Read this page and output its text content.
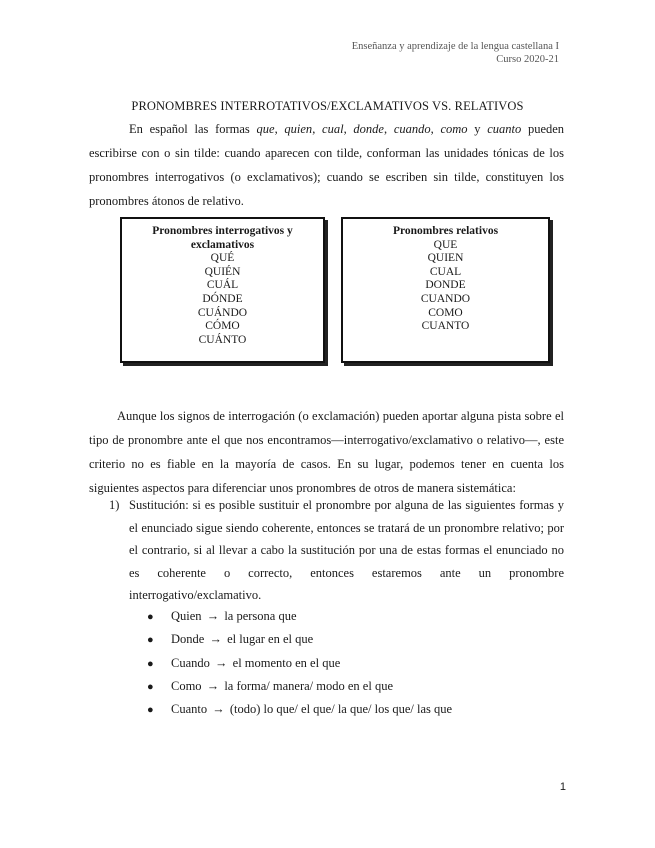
Enseñanza y aprendizaje de la lengua castellana I
Curso 2020-21
PRONOMBRES INTERROTATIVOS/EXCLAMATIVOS VS. RELATIVOS
En español las formas que, quien, cual, donde, cuando, como y cuanto pueden escribirse con o sin tilde: cuando aparecen con tilde, conforman las unidades tónicas de los pronombres interrogativos (o exclamativos); cuando se escriben sin tilde, constituyen los pronombres átonos de relativo.
Pronombres interrogativos y exclamativos
QUÉ
QUIÉN
CUÁL
DÓNDE
CUÁNDO
CÓMO
CUÁNTO
Pronombres relativos
QUE
QUIEN
CUAL
DONDE
CUANDO
COMO
CUANTO
Aunque los signos de interrogación (o exclamación) pueden aportar alguna pista sobre el tipo de pronombre ante el que nos encontramos—interrogativo/exclamativo o relativo—, este criterio no es fiable en la mayoría de casos. En su lugar, podemos tener en cuenta los siguientes aspectos para diferenciar unos pronombres de otros de manera sistemática:
1) Sustitución: si es posible sustituir el pronombre por alguna de las siguientes formas y el enunciado sigue siendo coherente, entonces se tratará de un pronombre relativo; por el contrario, si al llevar a cabo la sustitución por una de estas formas el enunciado no es coherente o correcto, entonces estaremos ante un pronombre interrogativo/exclamativo.
● Quien → la persona que
● Donde → el lugar en el que
● Cuando → el momento en el que
● Como → la forma/ manera/ modo en el que
● Cuanto → (todo) lo que/ el que/ la que/ los que/ las que
1
